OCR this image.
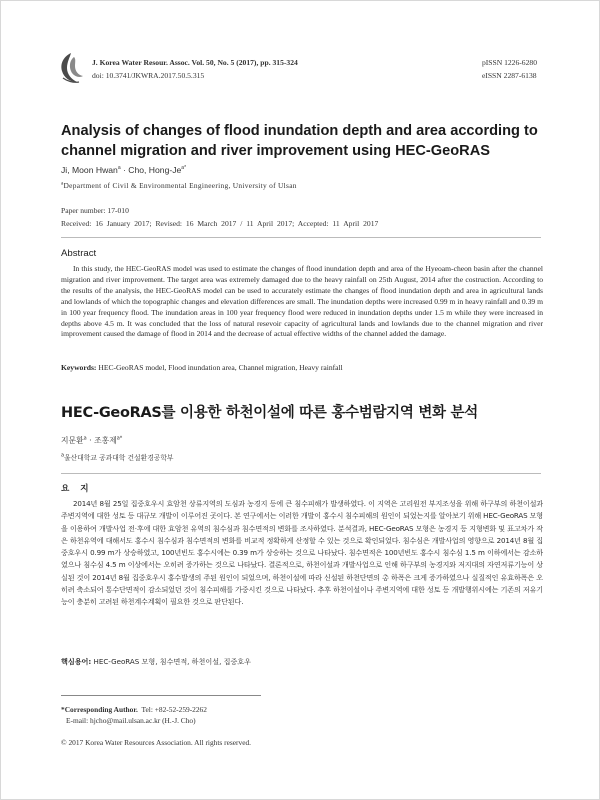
J. Korea Water Resour. Assoc. Vol. 50, No. 5 (2017), pp. 315-324
doi: 10.3741/JKWRA.2017.50.5.315
pISSN 1226-6280
eISSN 2287-6138
Analysis of changes of flood inundation depth and area according to channel migration and river improvement using HEC-GeoRAS
Ji, Moon Hwan$^a$ · Cho, Hong-$Je^{a*}$
$^a$Department of Civil & Environmental Engineering, University of Ulsan
Paper number: 17-010
Received: 16 January 2017; Revised: 16 March 2017 / 11 April 2017; Accepted: 11 April 2017
Abstract

In this study, the HEC-GeoRAS model was used to estimate the changes of flood inundation depth and area of the Hyeoam-cheon basin after the channel migration and river improvement. The target area was extremely damaged due to the heavy rainfall on 25th August, 2014 after the costruction. According to the results of the analysis, the HEC-GeoRAS model can be used to accurately estimate the changes of flood inundation depth and area in agricultural lands and lowlands of which the topographic changes and elevation differences are small. The inundation depths were increased 0.99 m in heavy rainfall and 0.39 m in 100 year frequency flood. The inundation areas in 100 year frequency flood were reduced in inundation depths under 1.5 m while they were increased in depths above 4.5 m. It was concluded that the loss of natural resevoir capacity of agricultural lands and lowlands due to the channel migration and river improvement caused the damage of flood in 2014 and the decrease of actual effective widths of the channel added the damage.

Keywords: HEC-GeoRAS model, Flood inundation area, Channel migration, Heavy rainfall
HEC-GeoRAS를 이용한 하천이설에 따른 홍수범람지역 변화 분석
지문환$^a$ · 조홍제$^{a*}$
$^a$울산대학교 공과대학 건설환경공학부
요 지

2014년 8월 25일 집중호우시 효암천 상류지역의 도심과 농경지 등에 큰 침수피해가 발생하였다. 이 지역은 고리원전 부지조성을 위해 하구부의 하천이설과 주변지역에 대한 성토 등 대규모 개발이 이루어진 곳이다. 본 연구에서는 이러한 개발이 홍수시 침수피해의 원인이 되었는지를 알아보기 위해 HEC-GeoRAS 모형을 이용하여 개발사업 전·후에 대한 효암천 유역의 침수심과 침수면적의 변화를 조사하였다. 분석결과, HEC-GeoRAS 모형은 농경지 등 지형변화 및 표고차가 작은 하천유역에 대해서도 홍수시 침수심과 침수면적의 변화를 비교적 정확하게 산정할 수 있는 것으로 확인되었다. 침수심은 개발사업의 영향으로 2014년 8월 집중호우시 0.99 m가 상승하였고, 100년빈도 홍수시에는 0.39 m가 상승하는 것으로 나타났다. 침수면적은 100년빈도 홍수시 침수심 1.5 m 이하에서는 감소하였으나 침수심 4.5 m 이상에서는 오히려 증가하는 것으로 나타났다. 결론적으로, 하천이설과 개발사업으로 인해 하구부의 농경지와 저지대의 자연저류기능이 상실된 것이 2014년 8월 집중호우시 홍수발생의 주된 원인이 되었으며, 하천이설에 따라 신설된 하천단면의 총 하폭은 크게 증가하였으나 실질적인 유효하폭은 오히려 축소되어 통수단면적이 감소되었던 것이 침수피해를 가중시킨 것으로 나타났다. 추후 하천이설이나 주변지역에 대한 성토 등 개발행위시에는 기존의 저유기능이 충분히 고려된 하천계수계획이 필요한 것으로 판단된다.

핵심용어: HEC-GeoRAS 모형, 침수면적, 하천이설, 집중호우
*Corresponding Author. Tel: +82-52-259-2262
E-mail: hjcho@mail.ulsan.ac.kr (H.-J. Cho)
© 2017 Korea Water Resources Association. All rights reserved.
